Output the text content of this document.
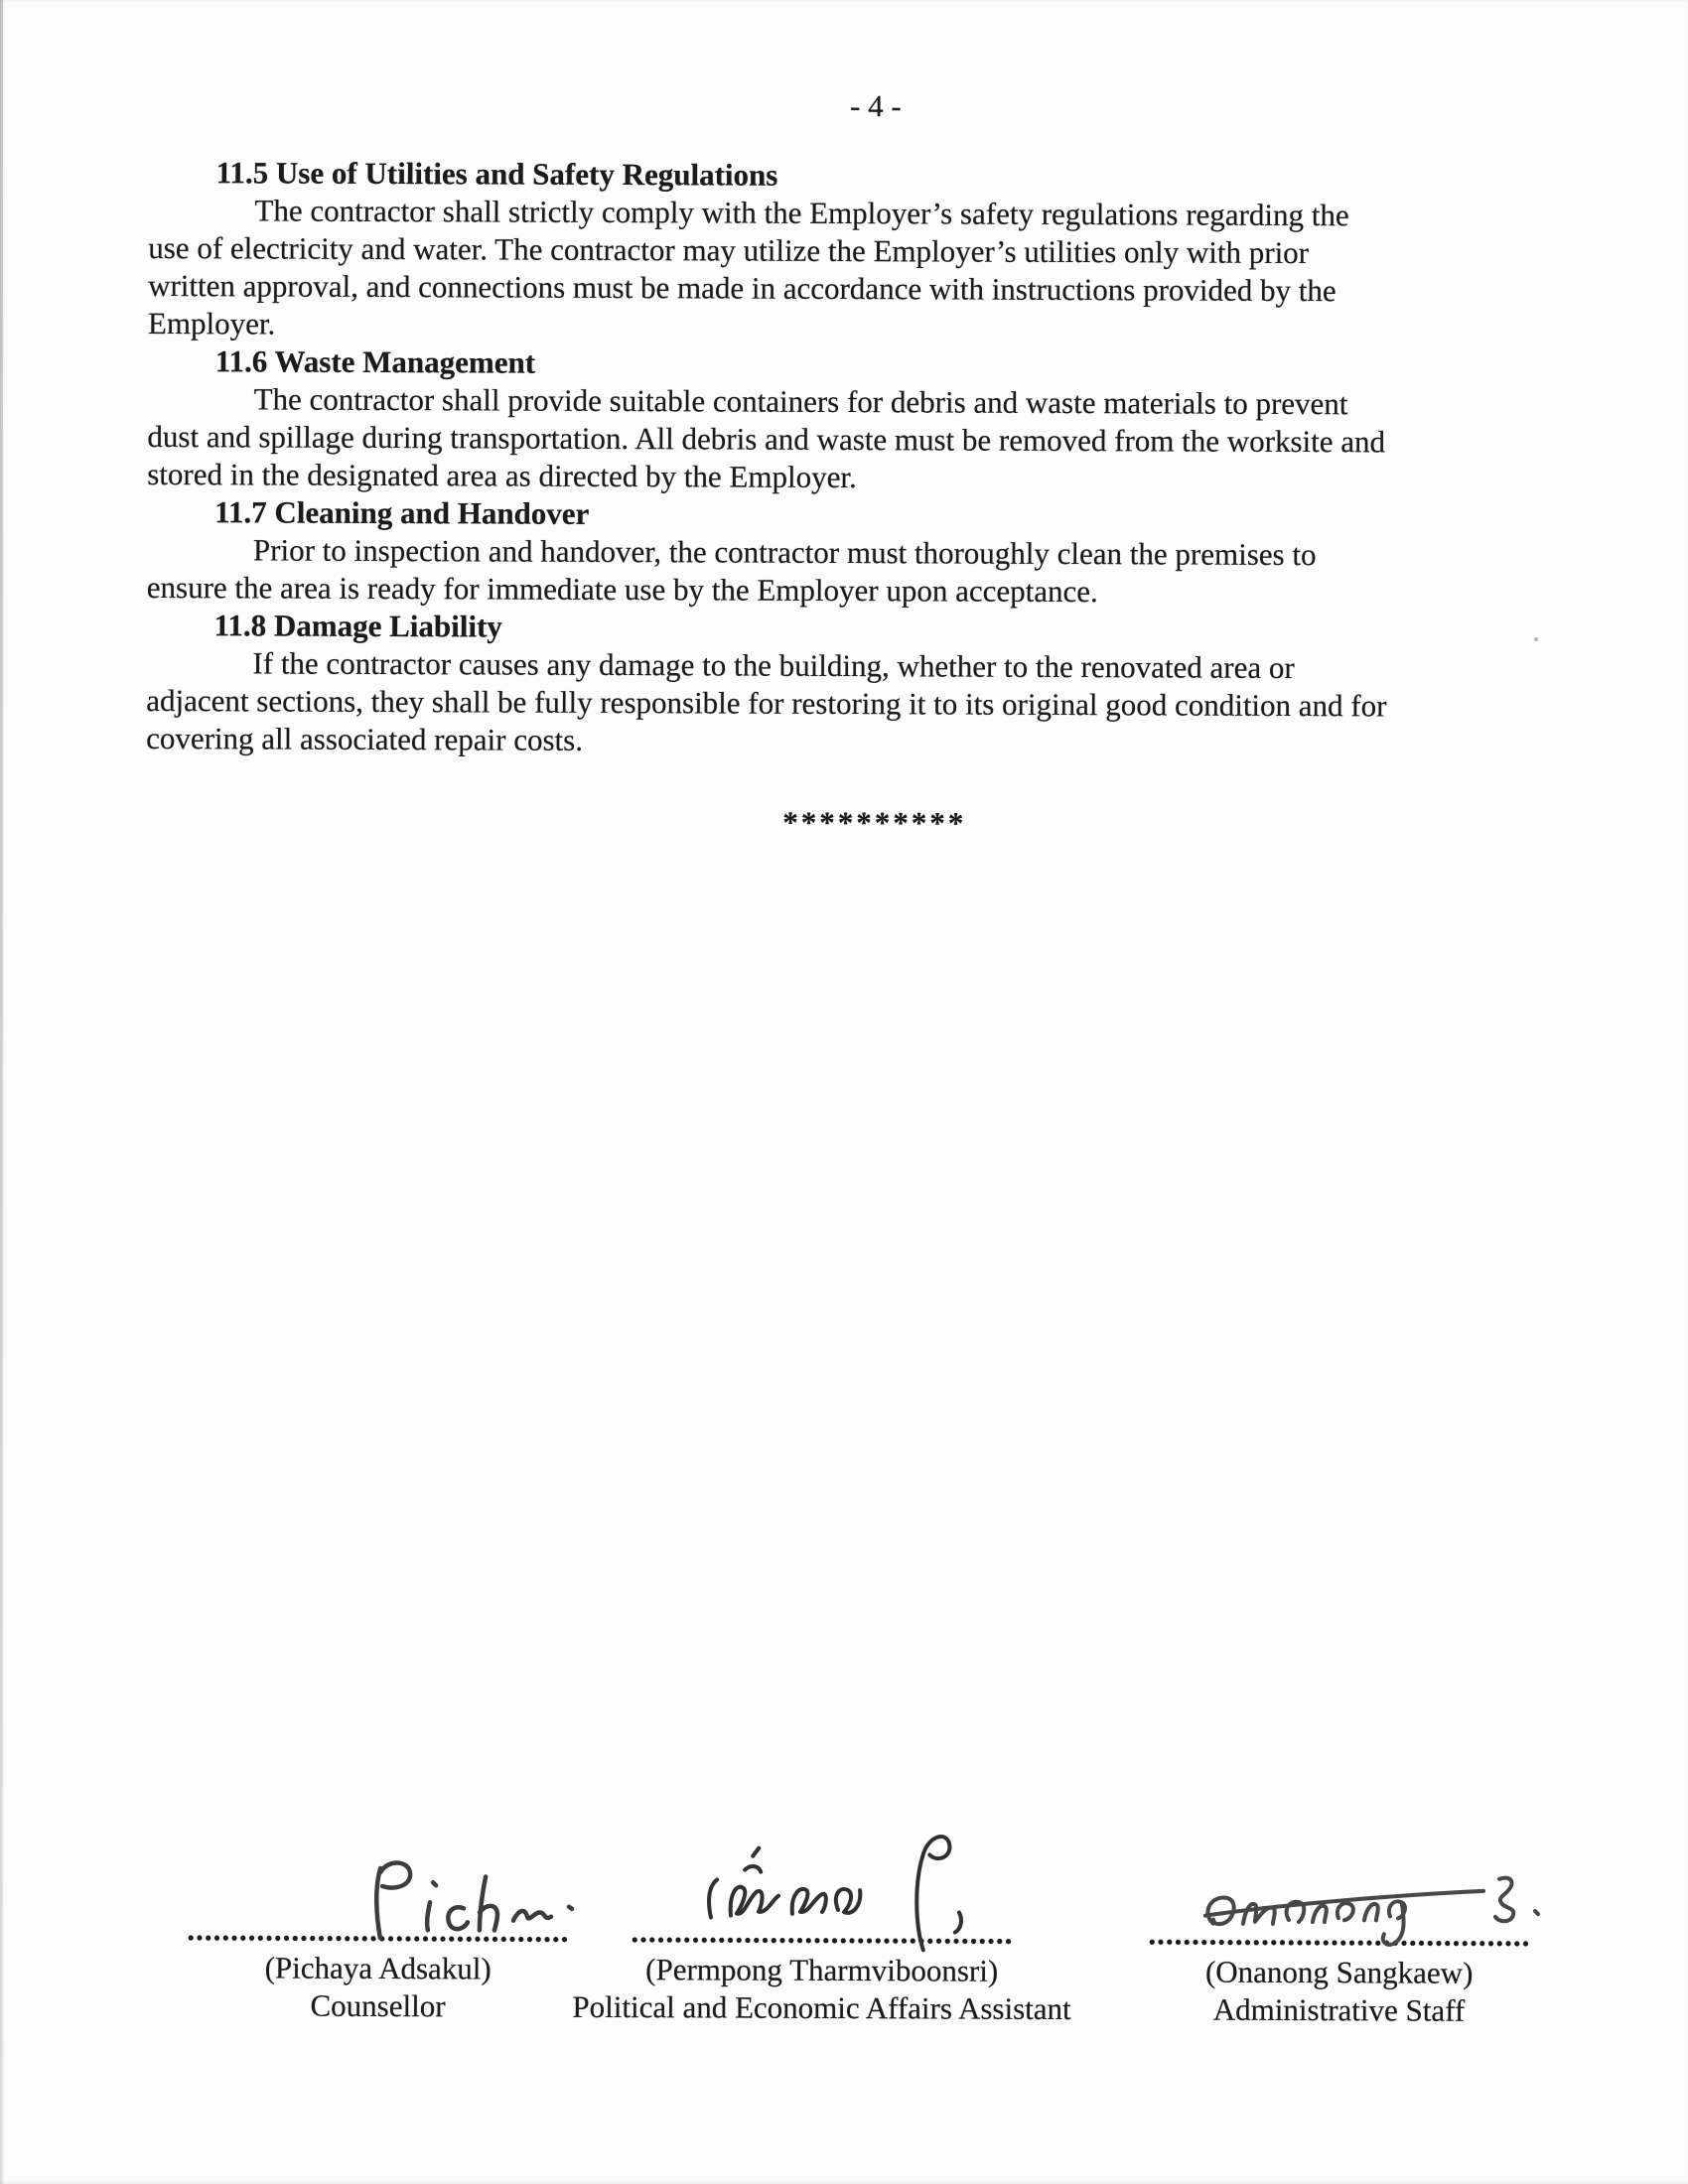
- 4 -
11.5 Use of Utilities and Safety Regulations
The contractor shall strictly comply with the Employer’s safety regulations regarding the
use of electricity and water. The contractor may utilize the Employer’s utilities only with prior
written approval, and connections must be made in accordance with instructions provided by the
Employer.
11.6 Waste Management
The contractor shall provide suitable containers for debris and waste materials to prevent
dust and spillage during transportation. All debris and waste must be removed from the worksite and
stored in the designated area as directed by the Employer.
11.7 Cleaning and Handover
Prior to inspection and handover, the contractor must thoroughly clean the premises to
ensure the area is ready for immediate use by the Employer upon acceptance.
11.8 Damage Liability
If the contractor causes any damage to the building, whether to the renovated area or
adjacent sections, they shall be fully responsible for restoring it to its original good condition and for
covering all associated repair costs.
**********
............................................
(Pichaya Adsakul)
Counsellor
............................................
(Permpong Tharmviboonsri)
Political and Economic Affairs Assistant
............................................
(Onanong Sangkaew)
Administrative Staff
